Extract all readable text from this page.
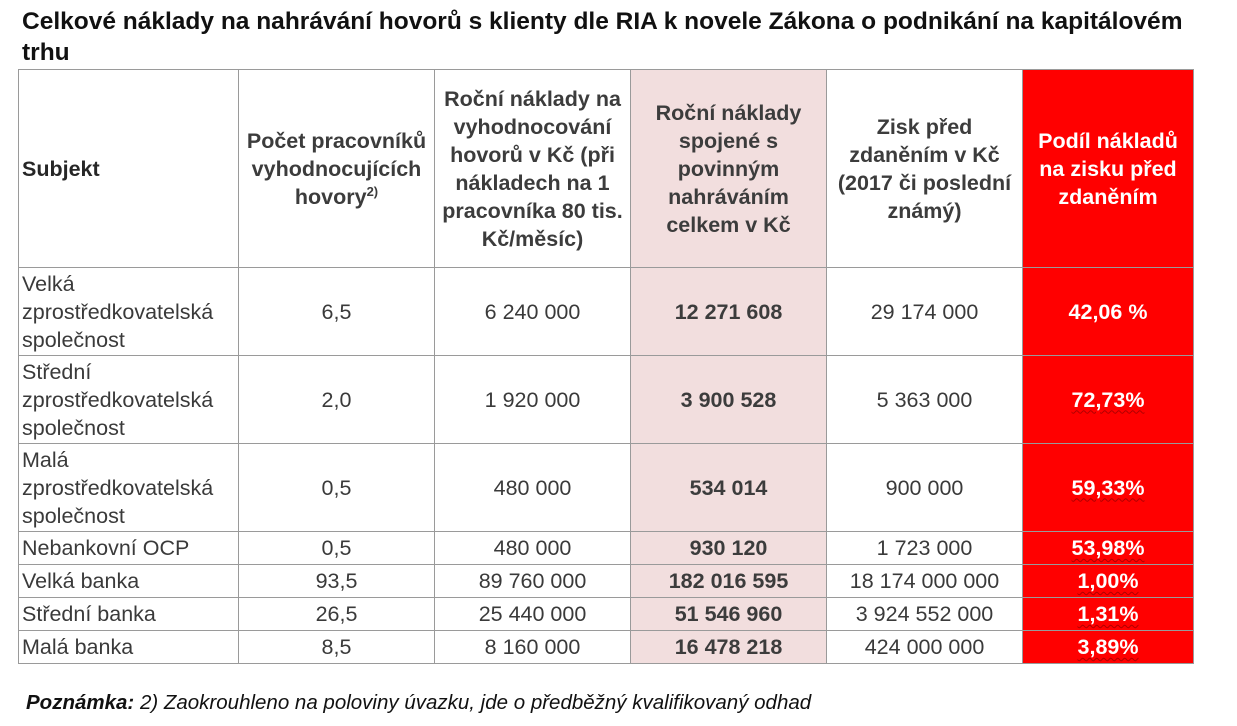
Celkové náklady na nahrávání hovorů s klienty dle RIA k novele Zákona o podnikání na kapitálovém trhu
Subjekt	Počet pracovníků vyhodnocujících hovory$^{2)}$	Roční náklady na vyhodnocování hovorů v Kč (při nákladech na 1 pracovníka 80 tis. Kč/měsíc)	Roční náklady spojené s povinným nahráváním celkem v Kč	Zisk před zdaněním v Kč (2017 či poslední známý)	Podíl nákladů na zisku před zdaněním
Velká zprostředkovatelská společnost	6,5	6 240 000	12 271 608	29 174 000	42,06 %
Střední zprostředkovatelská společnost	2,0	1 920 000	3 900 528	5 363 000	72,73%
Malá zprostředkovatelská společnost	0,5	480 000	534 014	900 000	59,33%
Nebankovní OCP	0,5	480 000	930 120	1 723 000	53,98%
Velká banka	93,5	89 760 000	182 016 595	18 174 000 000	1,00%
Střední banka	26,5	25 440 000	51 546 960	3 924 552 000	1,31%
Malá banka	8,5	8 160 000	16 478 218	424 000 000	3,89%
Poznámka: 2) Zaokrouhleno na poloviny úvazku, jde o předběžný kvalifikovaný odhad
